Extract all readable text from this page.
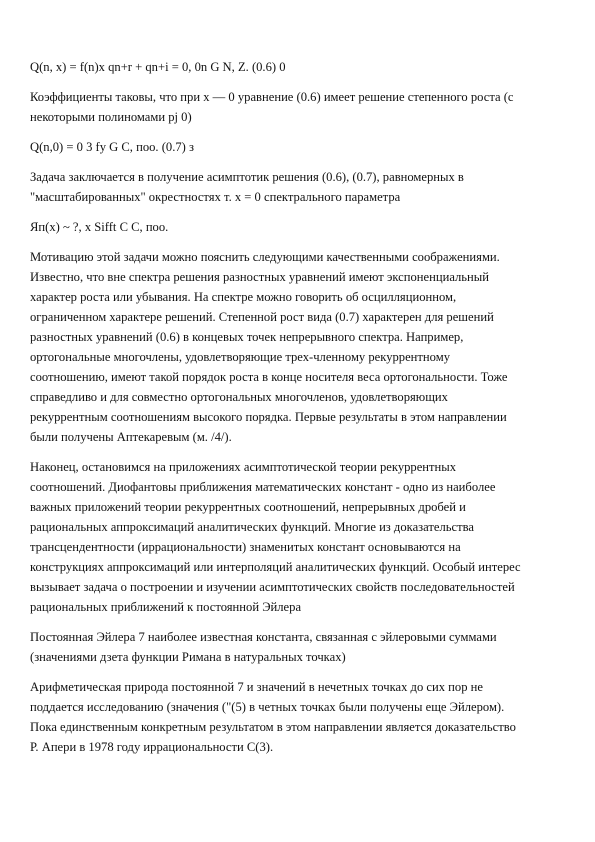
Q(n, x) = f(n)x qn+r + qn+i = 0, 0n G N, Z. (0.6) 0
Коэффициенты таковы, что при х — 0 уравнение (0.6) имеет решение степенного роста (с
некоторыми полиномами pj 0)
Q(n,0) = 0 3 fy G C, поо. (0.7) з
Задача заключается в получение асимптотик решения (0.6), (0.7), равномерных в
"масштабированных" окрестностях т. х = 0 спектрального параметра
Яп(х) ~ ?, x Sifft C C, поо.
Мотивацию этой задачи можно пояснить следующими качественными соображениями.
Известно, что вне спектра решения разностных уравнений имеют экспоненциальный
характер роста или убывания. На спектре можно говорить об осцилляционном,
ограниченном характере решений. Степенной рост вида (0.7) характерен для решений
разностных уравнений (0.6) в концевых точек непрерывного спектра. Например,
ортогональные многочлены, удовлетворяющие трех-членному рекуррентному
соотношению, имеют такой порядок роста в конце носителя веса ортогональности. Тоже
справедливо и для совместно ортогональных многочленов, удовлетворяющих
рекуррентным соотношениям высокого порядка. Первые результаты в этом направлении
были получены Аптекаревым (м. /4/).
Наконец, остановимся на приложениях асимптотической теории рекуррентных
соотношений. Диофантовы приближения математических констант - одно из наиболее
важных приложений теории рекуррентных соотношений, непрерывных дробей и
рациональных аппроксимаций аналитических функций. Многие из доказательства
трансцендентности (иррациональности) знаменитых констант основываются на
конструкциях аппроксимаций или интерполяций аналитических функций. Особый интерес
вызывает задача о построении и изучении асимптотических свойств последовательностей
рациональных приближений к постоянной Эйлера
Постоянная Эйлера 7 наиболее известная константа, связанная с эйлеровыми суммами
(значениями дзета функции Римана в натуральных точках)
Арифметическая природа постоянной 7 и значений в нечетных точках до сих пор не
поддается исследованию (значения ("(5) в четных точках были получены еще Эйлером).
Пока единственным конкретным результатом в этом направлении является доказательство
Р. Апери в 1978 году иррациональности С(3).
